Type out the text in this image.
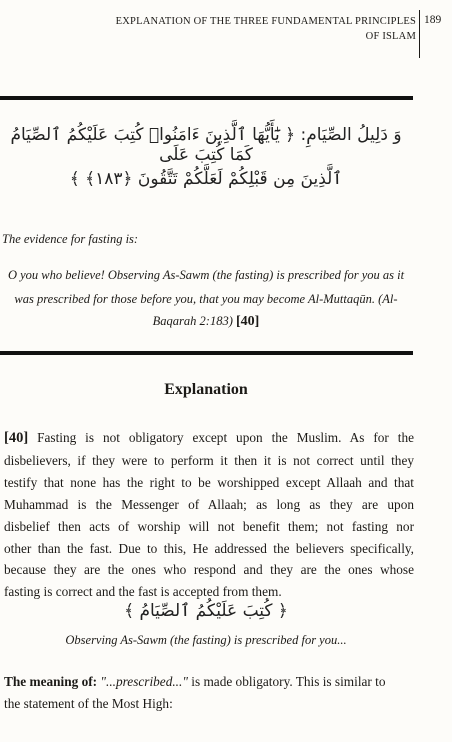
EXPLANATION OF THE THREE FUNDAMENTAL PRINCIPLES
OF ISLAM
189
وَ دَلِيلُ الصِّيَامِ: ﴿ يَٰٓأَيُّهَا ٱلَّذِينَ ءَامَنُوا۟ كُتِبَ عَلَيْكُمُ ٱلصِّيَامُ كَمَا كُتِبَ عَلَى
ٱلَّذِينَ مِن قَبْلِكُمْ لَعَلَّكُمْ تَتَّقُونَ ﴿١٨٣﴾ ﴾

The evidence for fasting is:

O you who believe! Observing As-Sawm (the fasting) is prescribed for you as it

was prescribed for those before you, that you may become Al-Muttaqūn. (Al-

Baqarah 2:183) [40]

Explanation
[40] Fasting is not obligatory except upon the Muslim. As for the
disbelievers, if they were to perform it then it is not correct until they
testify that none has the right to be worshipped except Allaah and that
Muhammad is the Messenger of Allaah; as long as they are upon
disbelief then acts of worship will not benefit them; not fasting nor
other than the fast. Due to this, He addressed the believers specifically,
because they are the ones who respond and they are the ones whose
fasting is correct and the fast is accepted from them.
﴿ كُتِبَ عَلَيْكُمُ ٱلصِّيَامُ ﴾

Observing As-Sawm (the fasting) is prescribed for you...

The meaning of: "...prescribed..." is made obligatory. This is similar to
the statement of the Most High:
